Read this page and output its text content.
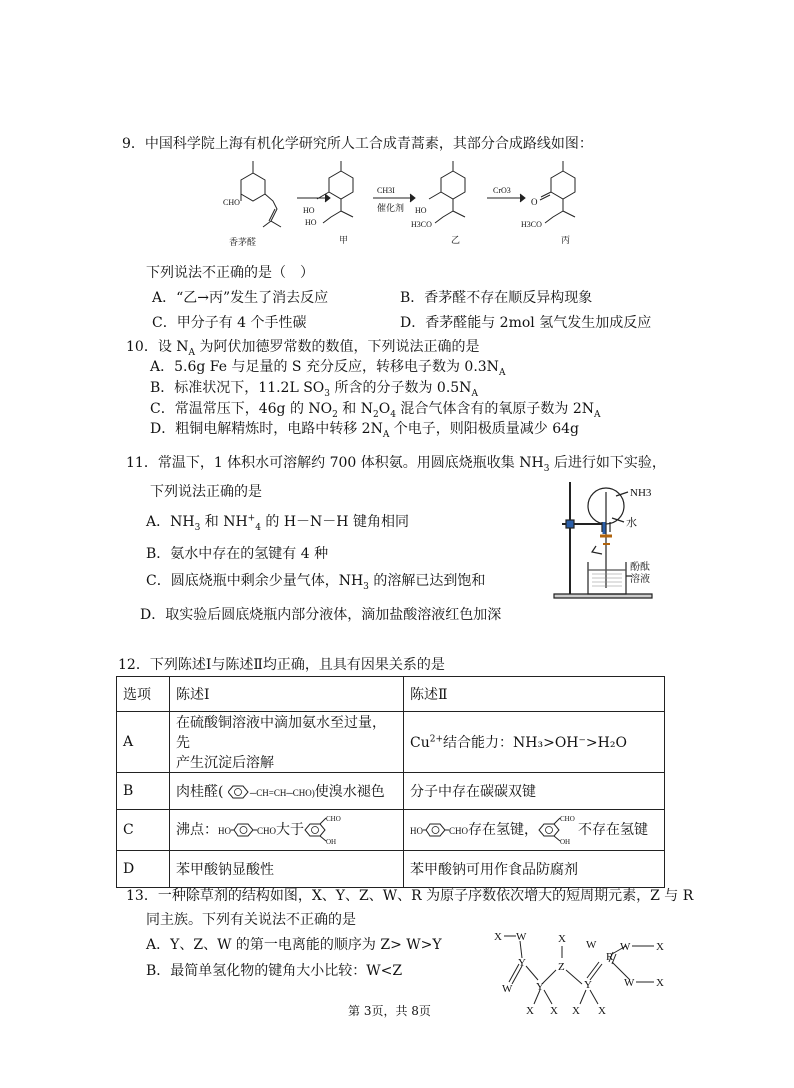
9．中国科学院上海有机化学研究所人工合成青蒿素，其部分合成路线如图：
CHO
香茅醛
HO
HO
甲
CH3I
催化剂 HO
H3CO
乙
CrO3
O
H3CO
丙
下列说法不正确的是（　）
A．“乙→丙”发生了消去反应	B．香茅醛不存在顺反异构现象
C．甲分子有 4 个手性碳	D．香茅醛能与 2mol 氢气发生加成反应
10．设 $N_A$ 为阿伏加德罗常数的数值，下列说法正确的是
A．5.6g Fe 与足量的 S 充分反应，转移电子数为 $0.3N_A$
B．标准状况下，11.2L $SO_3$ 所含的分子数为 $0.5N_A$
C．常温常压下，46g 的 $NO_2$ 和 $N_2O_4$ 混合气体含有的氧原子数为 $2N_A$
D．粗铜电解精炼时，电路中转移 $2N_A$ 个电子，则阳极质量减少 64g
11．常温下，1 体积水可溶解约 700 体积氨。用圆底烧瓶收集 $NH_3$ 后进行如下实验，
下列说法正确的是
A．$NH_3$ 和 $NH^+_4$ 的 H－N－H 键角相同
B．氨水中存在的氢键有 4 种
C．圆底烧瓶中剩余少量气体，$NH_3$ 的溶解已达到饱和
D．取实验后圆底烧瓶内部分液体，滴加盐酸溶液红色加深
NH3
水
酚酞
溶液
12．下列陈述Ⅰ与陈述Ⅱ均正确，且具有因果关系的是
选项	陈述Ⅰ	陈述Ⅱ
A	在硫酸铜溶液中滴加氨水至过量，先
产生沉淀后溶解	$Cu^{2+}$结合能力：NH₃>OH⁻>H₂O
B	肉桂醛( ─CH=CH─CHO)使溴水褪色	分子中存在碳碳双键
C	沸点：HO CHO大于
CHO
OH	HO CHO存在氢键，
CHO
OH
不存在氢键
D	苯甲酸钠显酸性	苯甲酸钠可用作食品防腐剂
13．一种除草剂的结构如图，X、Y、Z、W、R 为原子序数依次增大的短周期元素，Z 与 R
同主族。下列有关说法不正确的是
A．Y、Z、W 的第一电离能的顺序为 Z> W>Y
B．最简单氢化物的键角大小比较：W<Z
X W
Y
W Y
X
Z
Y
X X X X
W
R
W X
W X
第 3页，共 8页
